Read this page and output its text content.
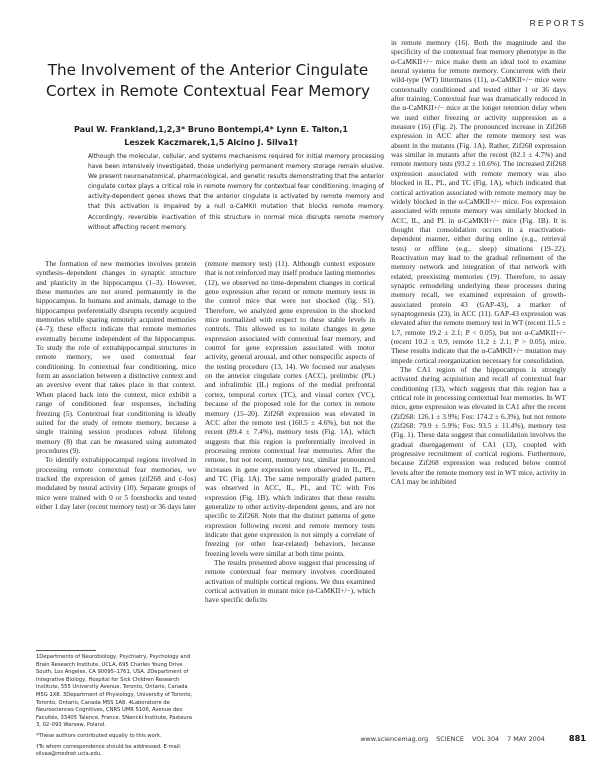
REPORTS
The Involvement of the Anterior Cingulate Cortex in Remote Contextual Fear Memory
Paul W. Frankland,1,2,3* Bruno Bontempi,4* Lynn E. Talton,1
Leszek Kaczmarek,1,5 Alcino J. Silva1†
Although the molecular, cellular, and systems mechanisms required for initial memory processing have been intensively investigated, those underlying permanent memory storage remain elusive. We present neuroanatomical, pharmacological, and genetic results demonstrating that the anterior cingulate cortex plays a critical role in remote memory for contextual fear conditioning. Imaging of activity-dependent genes shows that the anterior cingulate is activated by remote memory and that this activation is impaired by a null α-CaMKII mutation that blocks remote memory. Accordingly, reversible inactivation of this structure in normal mice disrupts remote memory without affecting recent memory.

The formation of new memories involves protein synthesis–dependent changes in synaptic structure and plasticity in the hippocampus (1–3). However, these memories are not stored permanently in the hippocampus. In humans and animals, damage to the hippocampus preferentially disrupts recently acquired memories while sparing remotely acquired memories (4–7); these effects indicate that remote memories eventually become independent of the hippocampus. To study the role of extrahippocampal structures in remote memory, we used contextual fear conditioning. In contextual fear conditioning, mice form an association between a distinctive context and an aversive event that takes place in that context. When placed back into the context, mice exhibit a range of conditioned fear responses, including freezing (5). Contextual fear conditioning is ideally suited for the study of remote memory, because a single training session produces robust lifelong memory (8) that can be measured using automated procedures (9).

To identify extrahippocampal regions involved in processing remote contextual fear memories, we tracked the expression of genes (zif268 and c-fos) modulated by neural activity (10). Separate groups of mice were trained with 0 or 5 footshocks and tested either 1 day later (recent memory test) or 36 days later

(remote memory test) (11). Although context exposure that is not reinforced may itself produce lasting memories (12), we observed no time-dependent changes in cortical gene expression after recent or remote memory tests in the control mice that were not shocked (fig. S1). Therefore, we analyzed gene expression in the shocked mice normalized with respect to these stable levels in controls. This allowed us to isolate changes in gene expression associated with contextual fear memory, and control for gene expression associated with motor activity, general arousal, and other nonspecific aspects of the testing procedure (13, 14). We focused our analyses on the anterior cingulate cortex (ACC), prelimbic (PL) and infralimbic (IL) regions of the medial prefrontal cortex, temporal cortex (TC), and visual cortex (VC), because of the proposed role for the cortex in remote memory (15–20). Zif268 expression was elevated in ACC after the remote test (160.5 ± 4.6%), but not the recent (89.4 ± 7.4%), memory tests (Fig. 1A), which suggests that this region is preferentially involved in processing remote contextual fear memories. After the remote, but not recent, memory test, similar pronounced increases in gene expression were observed in IL, PL, and TC (Fig. 1A). The same temporally graded pattern was observed in ACC, IL, PL, and TC with Fos expression (Fig. 1B), which indicates that these results generalize to other activity-dependent genes, and are not specific to Zif268. Note that the distinct patterns of gene expression following recent and remote memory tests indicate that gene expression is not simply a correlate of freezing (or other fear-related) behaviors, because freezing levels were similar at both time points.

The results presented above suggest that processing of remote contextual fear memory involves coordinated activation of multiple cortical regions. We thus examined cortical activation in mutant mice (α-CaMKII+/−), which have specific deficits

in remote memory (16). Both the magnitude and the specificity of the contextual fear memory phenotype in the α-CaMKII+/− mice make them an ideal tool to examine neural systems for remote memory. Concurrent with their wild-type (WT) littermates (11), α-CaMKII+/− mice were contextually conditioned and tested either 1 or 36 days after training. Contextual fear was dramatically reduced in the α-CaMKII+/− mice at the longer retention delay when we used either freezing or activity suppression as a measure (16) (Fig. 2). The pronounced increase in Zif268 expression in ACC after the remote memory test was absent in the mutants (Fig. 1A). Rather, Zif268 expression was similar in mutants after the recent (82.1 ± 4.7%) and remote memory tests (93.2 ± 10.6%). The increased Zif268 expression associated with remote memory was also blocked in IL, PL, and TC (Fig. 1A), which indicated that cortical activation associated with remote memory may be widely blocked in the α-CaMKII+/− mice. Fos expression associated with remote memory was similarly blocked in ACC, IL, and PL in α-CaMKII+/− mice (Fig. 1B). It is thought that consolidation occurs in a reactivation-dependent manner, either during online (e.g., retrieval tests) or offline (e.g., sleep) situations (19–22). Reactivation may lead to the gradual refinement of the memory network and integration of that network with related, preexisting memories (19). Therefore, to assay synaptic remodeling underlying these processes during memory recall, we examined expression of growth-associated protein 43 (GAP-43), a marker of synaptogenesis (23), in ACC (11). GAP-43 expression was elevated after the remote memory test in WT (recent 11.5 ± 1.7, remote 19.2 ± 2.1; P < 0.05), but not α-CaMKII+/− (recent 10.2 ± 0.9, remote 11.2 ± 2.1; P > 0.05), mice. These results indicate that the α-CaMKII+/− mutation may impede cortical reorganization necessary for consolidation.

The CA1 region of the hippocampus is strongly activated during acquisition and recall of contextual fear conditioning (13), which suggests that this region has a critical role in processing contextual fear memories. In WT mice, gene expression was elevated in CA1 after the recent (Zif268: 126.1 ± 3.9%; Fos: 174.2 ± 6.3%), but not remote (Zif268: 79.9 ± 5.9%; Fos: 93.5 ± 11.4%), memory test (Fig. 1). These data suggest that consolidation involves the gradual disengagement of CA1 (13), coupled with progressive recruitment of cortical regions. Furthermore, because Zif268 expression was reduced below control levels after the remote memory test in WT mice, activity in CA1 may be inhibited

1Departments of Neurobiology, Psychiatry, Psychology and Brain Research Institute, UCLA, 695 Charles Young Drive South, Los Angeles, CA 90095–1761, USA. 2Department of Integrative Biology, Hospital for Sick Children Research Institute, 555 University Avenue, Toronto, Ontario, Canada M5G 1X8. 3Department of Physiology, University of Toronto, Toronto, Ontario, Canada M5S 1A8. 4Laboratoire de Neurosciences Cognitives, CNRS UMR 5106, Avenue des Facultés, 33405 Talence, France. 5Nencki Institute, Pasteura 3, 02–093 Warsaw, Poland.

*These authors contributed equally to this work.

†To whom correspondence should be addressed. E-mail: silvaa@mednet.ucla.edu.

www.sciencemag.org SCIENCE VOL 304 7 MAY 2004	881
